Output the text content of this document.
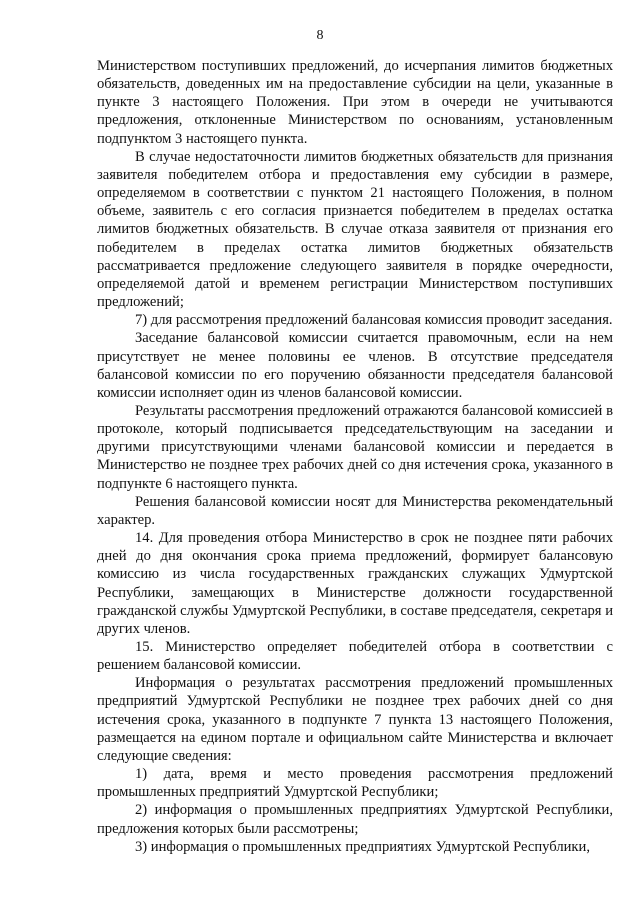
8

Министерством поступивших предложений, до исчерпания лимитов бюджетных обязательств, доведенных им на предоставление субсидии на цели, указанные в пункте 3 настоящего Положения. При этом в очереди не учитываются предложения, отклоненные Министерством по основаниям, установленным подпунктом 3 настоящего пункта.

В случае недостаточности лимитов бюджетных обязательств для признания заявителя победителем отбора и предоставления ему субсидии в размере, определяемом в соответствии с пунктом 21 настоящего Положения, в полном объеме, заявитель с его согласия признается победителем в пределах остатка лимитов бюджетных обязательств. В случае отказа заявителя от признания его победителем в пределах остатка лимитов бюджетных обязательств рассматривается предложение следующего заявителя в порядке очередности, определяемой датой и временем регистрации Министерством поступивших предложений;

7) для рассмотрения предложений балансовая комиссия проводит заседания.

Заседание балансовой комиссии считается правомочным, если на нем присутствует не менее половины ее членов. В отсутствие председателя балансовой комиссии по его поручению обязанности председателя балансовой комиссии исполняет один из членов балансовой комиссии.

Результаты рассмотрения предложений отражаются балансовой комиссией в протоколе, который подписывается председательствующим на заседании и другими присутствующими членами балансовой комиссии и передается в Министерство не позднее трех рабочих дней со дня истечения срока, указанного в подпункте 6 настоящего пункта.

Решения балансовой комиссии носят для Министерства рекомендательный характер.

14. Для проведения отбора Министерство в срок не позднее пяти рабочих дней до дня окончания срока приема предложений, формирует балансовую комиссию из числа государственных гражданских служащих Удмуртской Республики, замещающих в Министерстве должности государственной гражданской службы Удмуртской Республики, в составе председателя, секретаря и других членов.

15. Министерство определяет победителей отбора в соответствии с решением балансовой комиссии.

Информация о результатах рассмотрения предложений промышленных предприятий Удмуртской Республики не позднее трех рабочих дней со дня истечения срока, указанного в подпункте 7 пункта 13 настоящего Положения, размещается на едином портале и официальном сайте Министерства и включает следующие сведения:

1) дата, время и место проведения рассмотрения предложений промышленных предприятий Удмуртской Республики;

2) информация о промышленных предприятиях Удмуртской Республики, предложения которых были рассмотрены;

3) информация о промышленных предприятиях Удмуртской Республики,
